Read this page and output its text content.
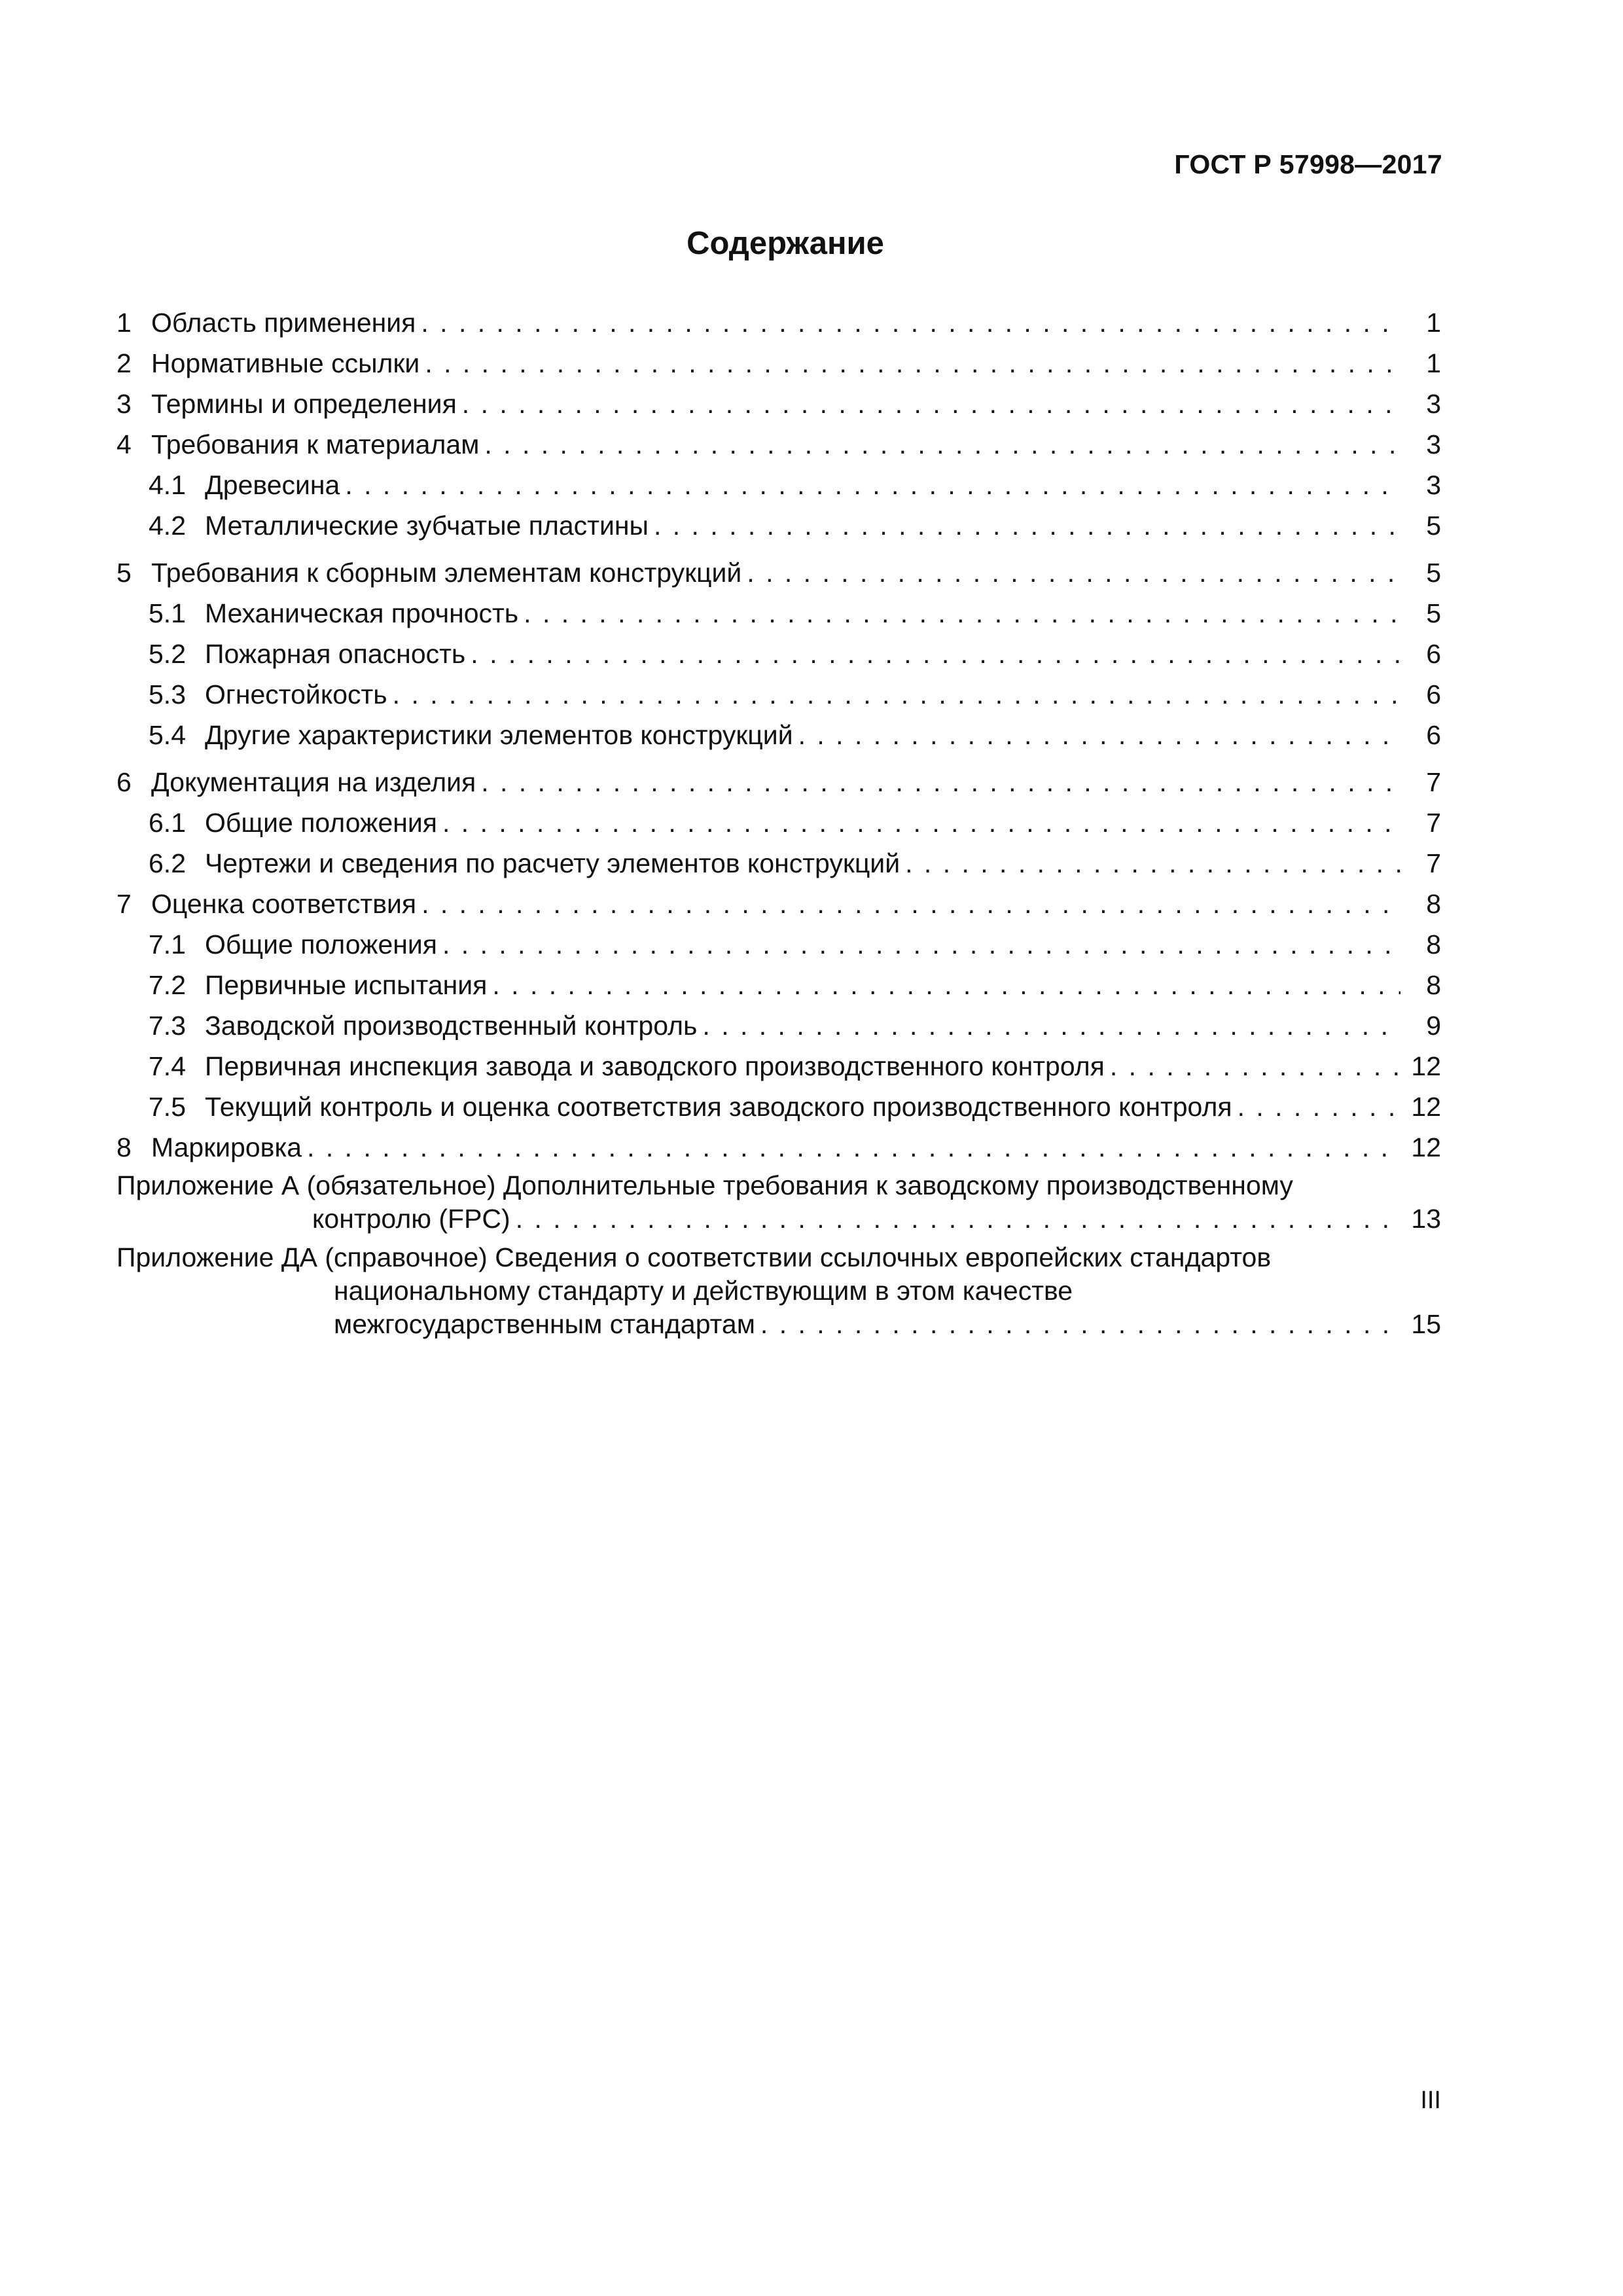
ГОСТ Р 57998—2017
Содержание
1 Область применения . . .	1
2 Нормативные ссылки . . .	1
3 Термины и определения . . .	3
4 Требования к материалам . . .	3
4.1 Древесина . . .	3
4.2 Металлические зубчатые пластины . . .	5
5 Требования к сборным элементам конструкций . . .	5
5.1 Механическая прочность . . .	5
5.2 Пожарная опасность . . .	6
5.3 Огнестойкость . . .	6
5.4 Другие характеристики элементов конструкций . . .	6
6 Документация на изделия . . .	7
6.1 Общие положения . . .	7
6.2 Чертежи и сведения по расчету элементов конструкций . . .	7
7 Оценка соответствия . . .	8
7.1 Общие положения . . .	8
7.2 Первичные испытания . . .	8
7.3 Заводской производственный контроль . . .	9
7.4 Первичная инспекция завода и заводского производственного контроля . . .	12
7.5 Текущий контроль и оценка соответствия заводского производственного контроля . . .	12
8 Маркировка . . .	12
Приложение А (обязательное) Дополнительные требования к заводскому производственному
контролю (FPC) . . .	13
Приложение ДА (справочное) Сведения о соответствии ссылочных европейских стандартов
национальному стандарту и действующим в этом качестве
межгосударственным стандартам . . .	15
III
